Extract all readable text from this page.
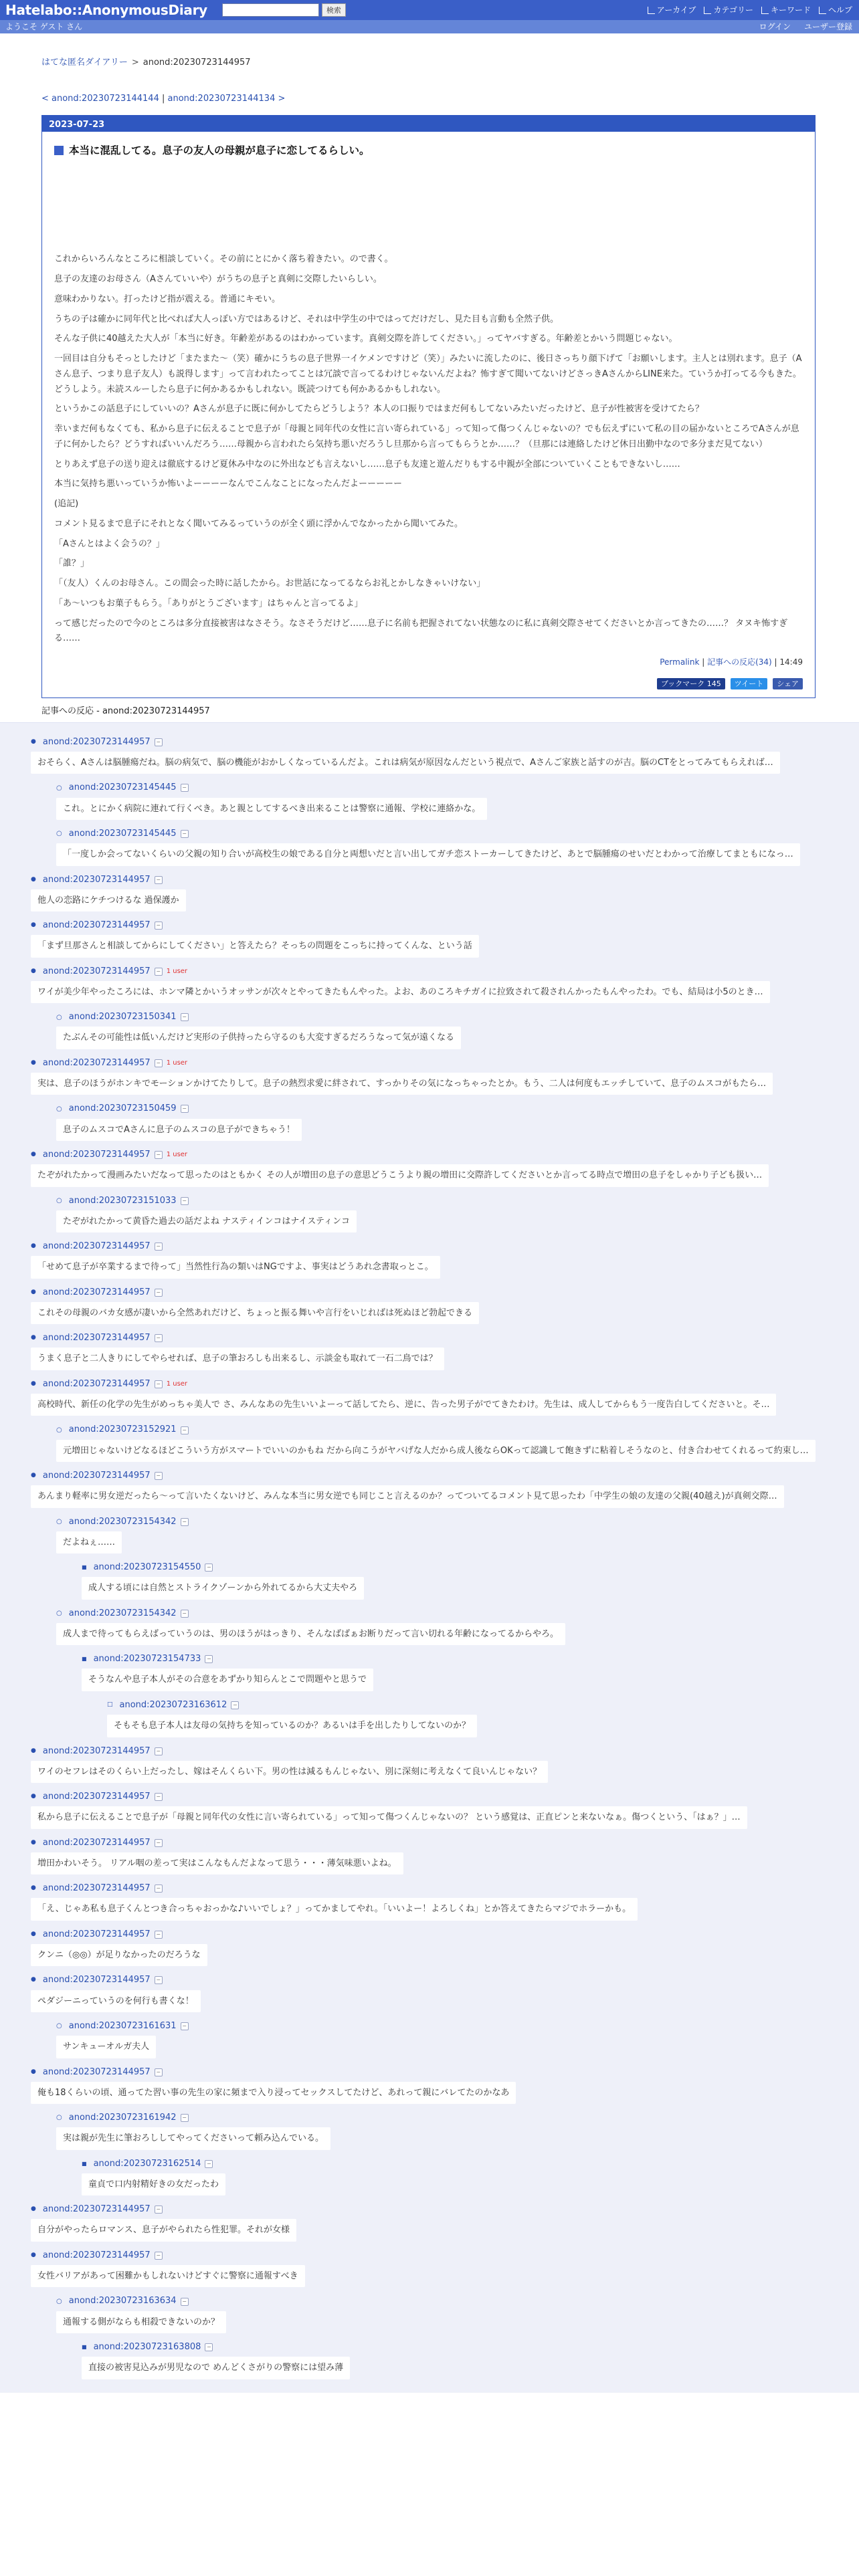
Hatelabo::AnonymousDiary	検索	アーカイブ カテゴリー キーワード ヘルプ
ようこそ ゲスト さん	ログイン ユーザー登録
はてな匿名ダイアリー > anond:20230723144957
< anond:20230723144144 | anond:20230723144134 >
2023-07-23
本当に混乱してる。息子の友人の母親が息子に恋してるらしい。

これからいろんなところに相談していく。その前にとにかく落ち着きたい。ので書く。

息子の友達のお母さん（Aさんていいや）がうちの息子と真剣に交際したいらしい。

意味わかりない。打ったけど指が震える。普通にキモい。

うちの子は確かに同年代と比べれば大人っぽい方ではあるけど、それは中学生の中ではってだけだし、見た目も言動も全然子供。

そんな子供に40越えた大人が「本当に好き。年齢差があるのはわかっています。真剣交際を許してください。」ってヤバすぎる。年齢差とかいう問題じゃない。

一回目は自分もそっとしたけど「またまた〜（笑）確かにうちの息子世界一イケメンですけど（笑）」みたいに流したのに、後日さっちり顔下げて「お願いします。主人とは別れます。息子（A さん息子、つまり息子友人）も説得します」って言われたってことは冗談で言ってるわけじゃないんだよね？怖すぎて聞いてないけどさっきAさんからLINE来た。ていうか打ってる今もきた。どうしよう。未読スルーしたら息子に何かあるかもしれない。既読つけても何かあるかもしれない。

というかこの話息子にしていいの？Aさんが息子に既に何かしてたらどうしよう？本人の口振りではまだ何もしてないみたいだったけど、息子が性被害を受けてたら？

幸いまだ何もなくても、私から息子に伝えることで息子が「母親と同年代の女性に言い寄られている」って知って傷つくんじゃないの？でも伝えずにいて私の目の届かないところでAさんが息子に何かしたら？どうすればいいんだろう……母親から言われたら気持ち悪いだろうし旦那から言ってもらうとか……？（旦那には連絡したけど休日出勤中なので多分まだ見てない）

とりあえず息子の送り迎えは徹底するけど夏休み中なのに外出なども言えないし……息子も友達と遊んだりもする中親が全部についていくこともできないし……

本当に気持ち悪いっていうか怖いよーーーーなんでこんなことになったんだよーーーーー

(追記)

コメント見るまで息子にそれとなく聞いてみるっていうのが全く頭に浮かんでなかったから聞いてみた。

「Aさんとはよく会うの？」

「誰？」

「（友人）くんのお母さん。この間会った時に話したから。お世話になってるならお礼とかしなきゃいけない」

「あ〜いつもお菓子もらう。「ありがとうございます」はちゃんと言ってるよ」

って感じだったので今のところは多分直接被害はなさそう。なさそうだけど……息子に名前も把握されてない状態なのに私に真剣交際させてくださいとか言ってきたの……？ タヌキ怖すぎる……

Permalink | 記事への反応(34) | 14:49
ブックマーク 145	ツイート	シェア
記事への反応 - anond:20230723144957
● anond:20230723144957	−
おそらく、Aさんは脳腫瘍だね。脳の病気で、脳の機能がおかしくなっているんだよ。これは病気が原因なんだという視点で、Aさんご家族と話すのが吉。脳のCTをとってみてもらえれば…
○ anond:20230723145445	−
これ。とにかく病院に連れて行くべき。あと親としてするべき出来ることは警察に通報、学校に連絡かな。
○ anond:20230723145445	−
「一度しか会ってないくらいの父親の知り合いが高校生の娘である自分と両想いだと言い出してガチ恋ストーカーしてきたけど、あとで脳腫瘍のせいだとわかって治療してまともになっ…
● anond:20230723144957	−
他人の恋路にケチつけるな 過保護か
● anond:20230723144957	−
「まず旦那さんと相談してからにしてください」と答えたら？そっちの問題をこっちに持ってくんな、という話
● anond:20230723144957	− 1 user
ワイが美少年やったころには、ホンマ隣とかいうオッサンが次々とやってきたもんやった。よお、あのころキチガイに拉致されて殺されんかったもんやったわ。でも、結局は小5のとき…
○ anond:20230723150341	−
たぶんその可能性は低いんだけど実形の子供持ったら守るのも大変すぎるだろうなって気が遠くなる
● anond:20230723144957	− 1 user
実は、息子のほうがホンキでモーションかけてたりして。息子の熱烈求愛に絆されて、すっかりその気になっちゃったとか。もう、二人は何度もエッチしていて、息子のムスコがもたら…
○ anond:20230723150459	−
息子のムスコでAさんに息子のムスコの息子ができちゃう！
● anond:20230723144957	− 1 user
たぞがれたかって漫画みたいだなって思ったのはともかく その人が増田の息子の意思どうこうより親の増田に交際許してくださいとか言ってる時点で増田の息子をしゃかり子ども扱い…
○ anond:20230723151033	−
たぞがれたかって黄昏た過去の話だよね ナスティインコはナイスティンコ
● anond:20230723144957	−
「せめて息子が卒業するまで待って」当然性行為の類いはNGですよ、事実はどうあれ念書取っとこ。
● anond:20230723144957	−
これその母親のバカ女感が凄いから全然あれだけど、ちょっと振る舞いや言行をいじればは死ぬほど勃起できる
● anond:20230723144957	−
うまく息子と二人きりにしてやらせれば、息子の筆おろしも出来るし、示談金も取れて一石二鳥では？
● anond:20230723144957	− 1 user
高校時代、新任の化学の先生がめっちゃ美人で さ、みんなあの先生いいよーって話してたら、逆に、告った男子がでてきたわけ。先生は、成人してからもう一度告白してくださいと。そ…
○ anond:20230723152921	−
元増田じゃないけどなるほどこういう方がスマートでいいのかもね だから向こうがヤバげな人だから成人後ならOKって認識して飽きずに粘着しそうなのと、付き合わせてくれるって約束し…
● anond:20230723144957	−
あんまり軽率に男女逆だったら〜って言いたくないけど、みんな本当に男女逆でも同じこと言えるのか？ってついてるコメント見て思ったわ「中学生の娘の友達の父親(40越え)が真剣交際…
○ anond:20230723154342	−
だよねぇ……
■ anond:20230723154550	−
成人する頃には自然とストライクゾーンから外れてるから大丈夫やろ
○ anond:20230723154342	−
成人まで待ってもらえばっていうのは、男のほうがはっきり、そんなばばぁお断りだって言い切れる年齢になってるからやろ。
■ anond:20230723154733	−
そうなんや息子本人がその合意をあずかり知らんとこで問題やと思うで
□ anond:20230723163612	−
そもそも息子本人は友母の気持ちを知っているのか？あるいは手を出したりしてないのか？
● anond:20230723144957	−
ワイのセフレはそのくらい上だったし、嫁はそんくらい下。男の性は減るもんじゃない、別に深刻に考えなくて良いんじゃない？
● anond:20230723144957	−
私から息子に伝えることで息子が「母親と同年代の女性に言い寄られている」って知って傷つくんじゃないの？ という感覚は、正直ピンと来ないなぁ。傷つくという、「はぁ？」…
● anond:20230723144957	−
増田かわいそう。 リアル咽の差って実はこんなもんだよなって思う・・・薄気味悪いよね。
● anond:20230723144957	−
「え、じゃあ私も息子くんとつき合っちゃおっかな♪いいでしょ？」ってかましてやれ。「いいよー！よろしくね」とか答えてきたらマジでホラーかも。
● anond:20230723144957	−
クンニ（◎◎）が足りなかったのだろうな
● anond:20230723144957	−
ペダジーニっていうのを何行も書くな！
○ anond:20230723161631	−
サンキューオルガ夫人
● anond:20230723144957	−
俺も18くらいの頃、通ってた習い事の先生の家に頻まで入り浸ってセックスしてたけど、あれって親にバレてたのかなあ
○ anond:20230723161942	−
実は親が先生に筆おろししてやってくださいって頼み込んでいる。
■ anond:20230723162514	−
童貞で口内射精好きの女だったわ
● anond:20230723144957	−
自分がやったらロマンス、息子がやられたら性犯罪。それが女様
● anond:20230723144957	−
女性バリアがあって困難かもしれないけどすぐに警察に通報すべき
○ anond:20230723163634	−
通報する側がならも相殺できないのか？
■ anond:20230723163808	−
直接の被害見込みが男児なので めんどくさがりの警察には望み薄
